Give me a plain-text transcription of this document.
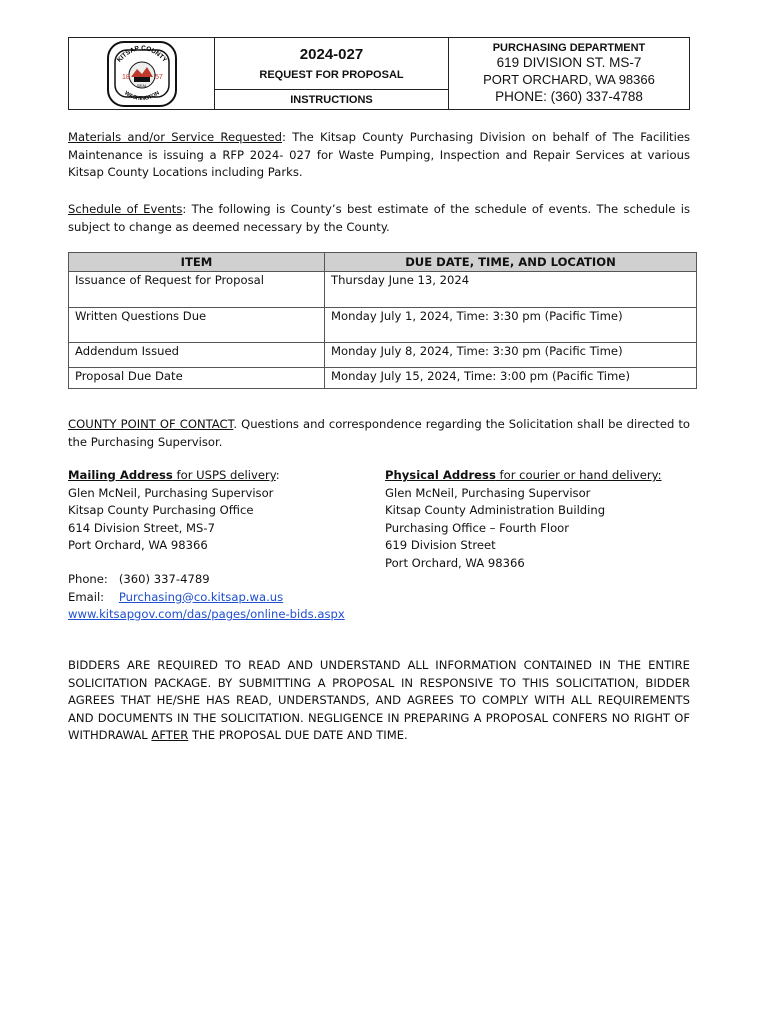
KITSAP COUNTY
WASHINGTON
18	57
SEAL
2024-027
REQUEST FOR PROPOSAL
INSTRUCTIONS
PURCHASING DEPARTMENT
619 DIVISION ST. MS-7
PORT ORCHARD, WA 98366
PHONE: (360) 337-4788
Materials and/or Service Requested: The Kitsap County Purchasing Division on behalf of The Facilities Maintenance is issuing a RFP 2024- 027 for Waste Pumping, Inspection and Repair Services at various Kitsap County Locations including Parks.
Schedule of Events: The following is County’s best estimate of the schedule of events. The schedule is subject to change as deemed necessary by the County.
ITEM	DUE DATE, TIME, AND LOCATION
Issuance of Request for Proposal	Thursday June 13, 2024
Written Questions Due	Monday July 1, 2024, Time: 3:30 pm (Pacific Time)
Addendum Issued	Monday July 8, 2024, Time: 3:30 pm (Pacific Time)
Proposal Due Date	Monday July 15, 2024, Time: 3:00 pm (Pacific Time)
COUNTY POINT OF CONTACT. Questions and correspondence regarding the Solicitation shall be directed to the Purchasing Supervisor.
Mailing Address for USPS delivery:
Glen McNeil, Purchasing Supervisor
Kitsap County Purchasing Office
614 Division Street, MS-7
Port Orchard, WA 98366
Physical Address for courier or hand delivery:
Glen McNeil, Purchasing Supervisor
Kitsap County Administration Building
Purchasing Office – Fourth Floor
619 Division Street
Port Orchard, WA 98366
Phone: (360) 337-4789
Email: Purchasing@co.kitsap.wa.us
www.kitsapgov.com/das/pages/online-bids.aspx
BIDDERS ARE REQUIRED TO READ AND UNDERSTAND ALL INFORMATION CONTAINED IN THE ENTIRE SOLICITATION PACKAGE. BY SUBMITTING A PROPOSAL IN RESPONSIVE TO THIS SOLICITATION, BIDDER AGREES THAT HE/SHE HAS READ, UNDERSTANDS, AND AGREES TO COMPLY WITH ALL REQUIREMENTS AND DOCUMENTS IN THE SOLICITATION. NEGLIGENCE IN PREPARING A PROPOSAL CONFERS NO RIGHT OF WITHDRAWAL AFTER THE PROPOSAL DUE DATE AND TIME.
